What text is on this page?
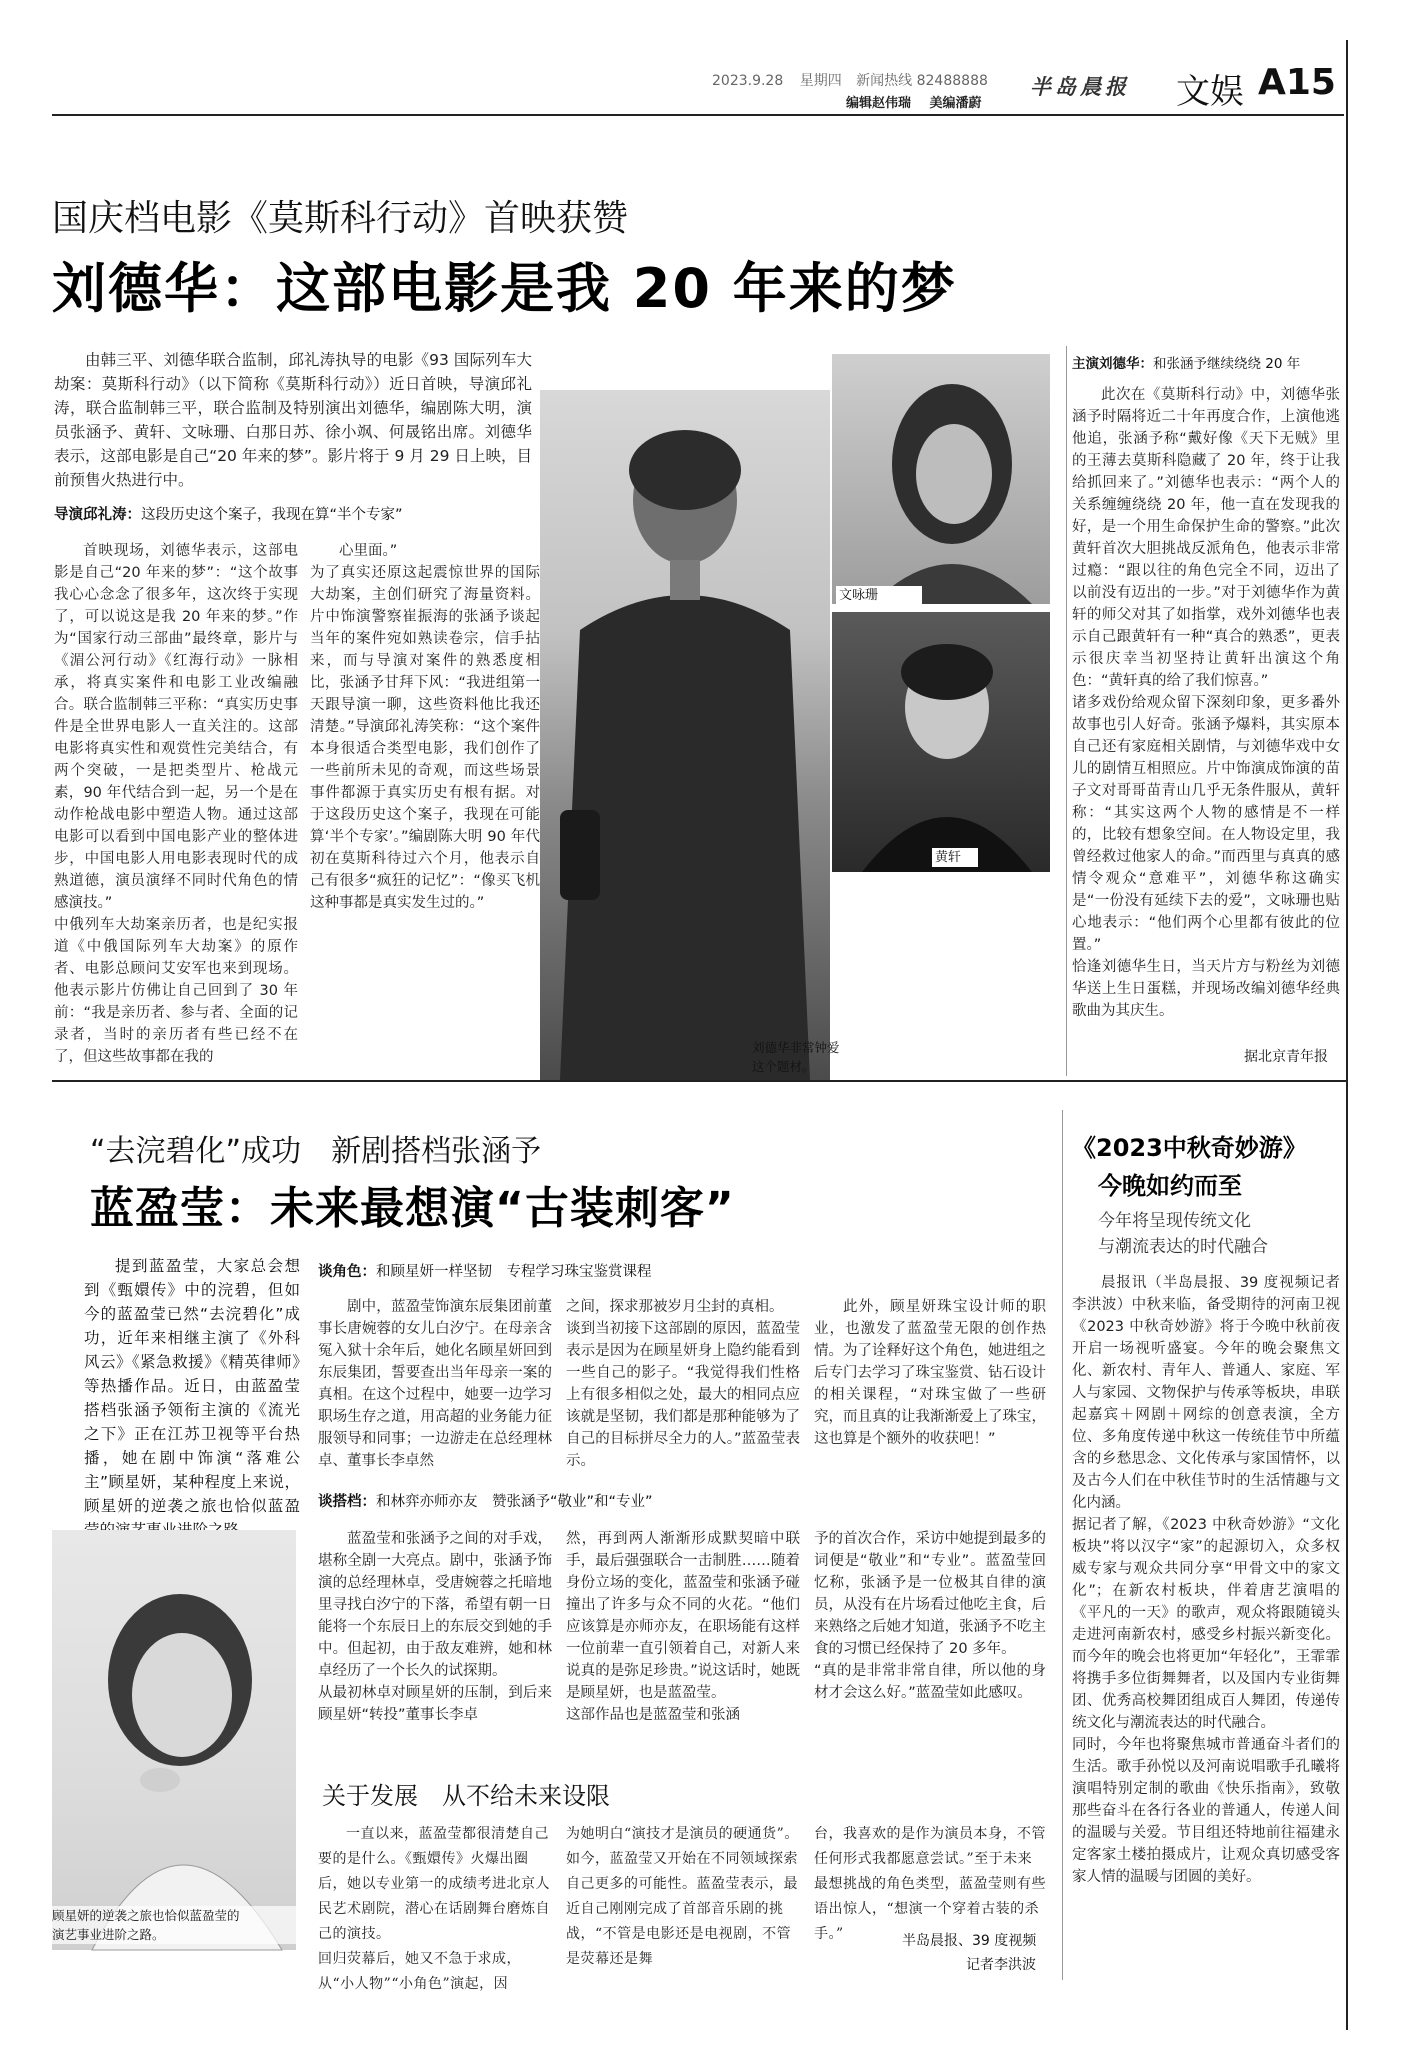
2023.9.28 星期四 新闻热线 82488888
编辑赵伟瑞 美编潘蔚
半岛晨报	文娱 A15
国庆档电影《莫斯科行动》首映获赞
刘德华：这部电影是我 20 年来的梦
由韩三平、刘德华联合监制，邱礼涛执导的电影《93 国际列车大劫案：莫斯科行动》（以下简称《莫斯科行动》）近日首映，导演邱礼涛，联合监制韩三平，联合监制及特别演出刘德华，编剧陈大明，演员张涵予、黄轩、文咏珊、白那日苏、徐小飒、何晟铭出席。刘德华表示，这部电影是自己“20 年来的梦”。影片将于 9 月 29 日上映，目前预售火热进行中。
导演邱礼涛：这段历史这个案子，我现在算“半个专家”
首映现场，刘德华表示，这部电影是自己“20 年来的梦”：“这个故事我心心念念了很多年，这次终于实现了，可以说这是我 20 年来的梦。”作为“国家行动三部曲”最终章，影片与《湄公河行动》《红海行动》一脉相承，将真实案件和电影工业改编融合。联合监制韩三平称：“真实历史事件是全世界电影人一直关注的。这部电影将真实性和观赏性完美结合，有两个突破，一是把类型片、枪战元素，90 年代结合到一起，另一个是在动作枪战电影中塑造人物。通过这部电影可以看到中国电影产业的整体进步，中国电影人用电影表现时代的成熟道德，演员演绎不同时代角色的情感演技。”
中俄列车大劫案亲历者，也是纪实报道《中俄国际列车大劫案》的原作者、电影总顾问艾安军也来到现场。他表示影片仿佛让自己回到了 30 年前：“我是亲历者、参与者、全面的记录者，当时的亲历者有些已经不在了，但这些故事都在我的
心里面。”
为了真实还原这起震惊世界的国际大劫案，主创们研究了海量资料。片中饰演警察崔振海的张涵予谈起当年的案件宛如熟读卷宗，信手拈来，而与导演对案件的熟悉度相比，张涵予甘拜下风：“我进组第一天跟导演一聊，这些资料他比我还清楚。”导演邱礼涛笑称：“这个案件本身很适合类型电影，我们创作了一些前所未见的奇观，而这些场景事件都源于真实历史有根有据。对于这段历史这个案子，我现在可能算‘半个专家’。”编剧陈大明 90 年代初在莫斯科待过六个月，他表示自己有很多“疯狂的记忆”：“像买飞机这种事都是真实发生过的。”
刘德华非常钟爱
这个题材。
文咏珊
黄轩
主演刘德华：和张涵予继续绕绕 20 年
此次在《莫斯科行动》中，刘德华张涵予时隔将近二十年再度合作，上演他逃他追，张涵予称“戴好像《天下无贼》里的王薄去莫斯科隐藏了 20 年，终于让我给抓回来了。”刘德华也表示：“两个人的关系缠缠绕绕 20 年，他一直在发现我的好，是一个用生命保护生命的警察。”此次黄轩首次大胆挑战反派角色，他表示非常过瘾：“跟以往的角色完全不同，迈出了以前没有迈出的一步。”对于刘德华作为黄轩的师父对其了如指掌，戏外刘德华也表示自己跟黄轩有一种“真合的熟悉”，更表示很庆幸当初坚持让黄轩出演这个角色：“黄轩真的给了我们惊喜。”
诸多戏份给观众留下深刻印象，更多番外故事也引人好奇。张涵予爆料，其实原本自己还有家庭相关剧情，与刘德华戏中女儿的剧情互相照应。片中饰演成饰演的苗子文对哥哥苗青山几乎无条件服从，黄轩称：“其实这两个人物的感情是不一样的，比较有想象空间。在人物设定里，我曾经救过他家人的命。”而西里与真真的感情令观众“意难平”，刘德华称这确实是“一份没有延续下去的爱”，文咏珊也贴心地表示：“他们两个心里都有彼此的位置。”
恰逢刘德华生日，当天片方与粉丝为刘德华送上生日蛋糕，并现场改编刘德华经典歌曲为其庆生。
据北京青年报
“去浣碧化”成功　新剧搭档张涵予
蓝盈莹：未来最想演“古装刺客”
提到蓝盈莹，大家总会想到《甄嬛传》中的浣碧，但如今的蓝盈莹已然“去浣碧化”成功，近年来相继主演了《外科风云》《紧急救援》《精英律师》等热播作品。近日，由蓝盈莹搭档张涵予领衔主演的《流光之下》正在江苏卫视等平台热播，她在剧中饰演“落难公主”顾星妍，某种程度上来说，顾星妍的逆袭之旅也恰似蓝盈
顾星妍的逆袭之旅也恰似蓝盈莹的
演艺事业进阶之路。
谈角色：和顾星妍一样坚韧　专程学习珠宝鉴赏课程
剧中，蓝盈莹饰演东辰集团前董事长唐婉蓉的女儿白汐宁。在母亲含冤入狱十余年后，她化名顾星妍回到东辰集团，誓要查出当年母亲一案的真相。在这个过程中，她要一边学习职场生存之道，用高超的业务能力征服领导和同事；一边游走在总经理林卓、董事长李卓然
之间，探求那被岁月尘封的真相。
谈到当初接下这部剧的原因，蓝盈莹表示是因为在顾星妍身上隐约能看到一些自己的影子。“我觉得我们性格上有很多相似之处，最大的相同点应该就是坚韧，我们都是那种能够为了自己的目标拼尽全力的人。”蓝盈莹表示。
此外，顾星妍珠宝设计师的职业，也激发了蓝盈莹无限的创作热情。为了诠释好这个角色，她进组之后专门去学习了珠宝鉴赏、钻石设计的相关课程，“对珠宝做了一些研究，而且真的让我渐渐爱上了珠宝，这也算是个额外的收获吧！”
谈搭档：和林弈亦师亦友　赞张涵予“敬业”和“专业”
蓝盈莹和张涵予之间的对手戏，堪称全剧一大亮点。剧中，张涵予饰演的总经理林卓，受唐婉蓉之托暗地里寻找白汐宁的下落，希望有朝一日能将一个东辰日上的东辰交到她的手中。但起初，由于敌友难辨，她和林卓经历了一个长久的试探期。
从最初林卓对顾星妍的压制，到后来顾星妍“转投”董事长李卓
然，再到两人渐渐形成默契暗中联手，最后强强联合一击制胜……随着身份立场的变化，蓝盈莹和张涵予碰撞出了许多与众不同的火花。“他们应该算是亦师亦友，在职场能有这样一位前辈一直引领着自己，对新人来说真的是弥足珍贵。”说这话时，她既是顾星妍，也是蓝盈莹。
这部作品也是蓝盈莹和张涵
予的首次合作，采访中她提到最多的词便是“敬业”和“专业”。蓝盈莹回忆称，张涵予是一位极其自律的演员，从没有在片场看过他吃主食，后来熟络之后她才知道，张涵予不吃主食的习惯已经保持了 20 多年。
“真的是非常非常自律，所以他的身材才会这么好。”蓝盈莹如此感叹。
关于发展　从不给未来设限
一直以来，蓝盈莹都很清楚自己要的是什么。《甄嬛传》火爆出圈后，她以专业第一的成绩考进北京人民艺术剧院，潜心在话剧舞台磨炼自己的演技。
回归荧幕后，她又不急于求成，从“小人物”“小角色”演起，因
为她明白“演技才是演员的硬通货”。
如今，蓝盈莹又开始在不同领域探索自己更多的可能性。蓝盈莹表示，最近自己刚刚完成了首部音乐剧的挑战，“不管是电影还是电视剧，不管是荧幕还是舞
台，我喜欢的是作为演员本身，不管任何形式我都愿意尝试。”至于未来最想挑战的角色类型，蓝盈莹则有些语出惊人，“想演一个穿着古装的杀手。”	半岛晨报、39 度视频
记者李洪波
《2023中秋奇妙游》
今晚如约而至
今年将呈现传统文化
与潮流表达的时代融合
晨报讯（半岛晨报、39 度视频记者李洪波）中秋来临，备受期待的河南卫视《2023 中秋奇妙游》将于今晚中秋前夜开启一场视听盛宴。今年的晚会聚焦文化、新农村、青年人、普通人、家庭、军人与家园、文物保护与传承等板块，串联起嘉宾＋网剧＋网综的创意表演，全方位、多角度传递中秋这一传统佳节中所蕴含的乡愁思念、文化传承与家国情怀，以及古今人们在中秋佳节时的生活情趣与文化内涵。
据记者了解，《2023 中秋奇妙游》“文化板块”将以汉字“家”的起源切入，众多权威专家与观众共同分享“甲骨文中的家文化”；在新农村板块，伴着唐艺演唱的《平凡的一天》的歌声，观众将跟随镜头走进河南新农村，感受乡村振兴新变化。而今年的晚会也将更加“年轻化”，王霏霏将携手多位街舞舞者，以及国内专业街舞团、优秀高校舞团组成百人舞团，传递传统文化与潮流表达的时代融合。
同时，今年也将聚焦城市普通奋斗者们的生活。歌手孙悦以及河南说唱歌手孔曦将演唱特别定制的歌曲《快乐指南》，致敬那些奋斗在各行各业的普通人，传递人间的温暖与关爱。节目组还特地前往福建永定客家土楼拍摄成片，让观众真切感受客家人情的温暖与团圆的美好。
